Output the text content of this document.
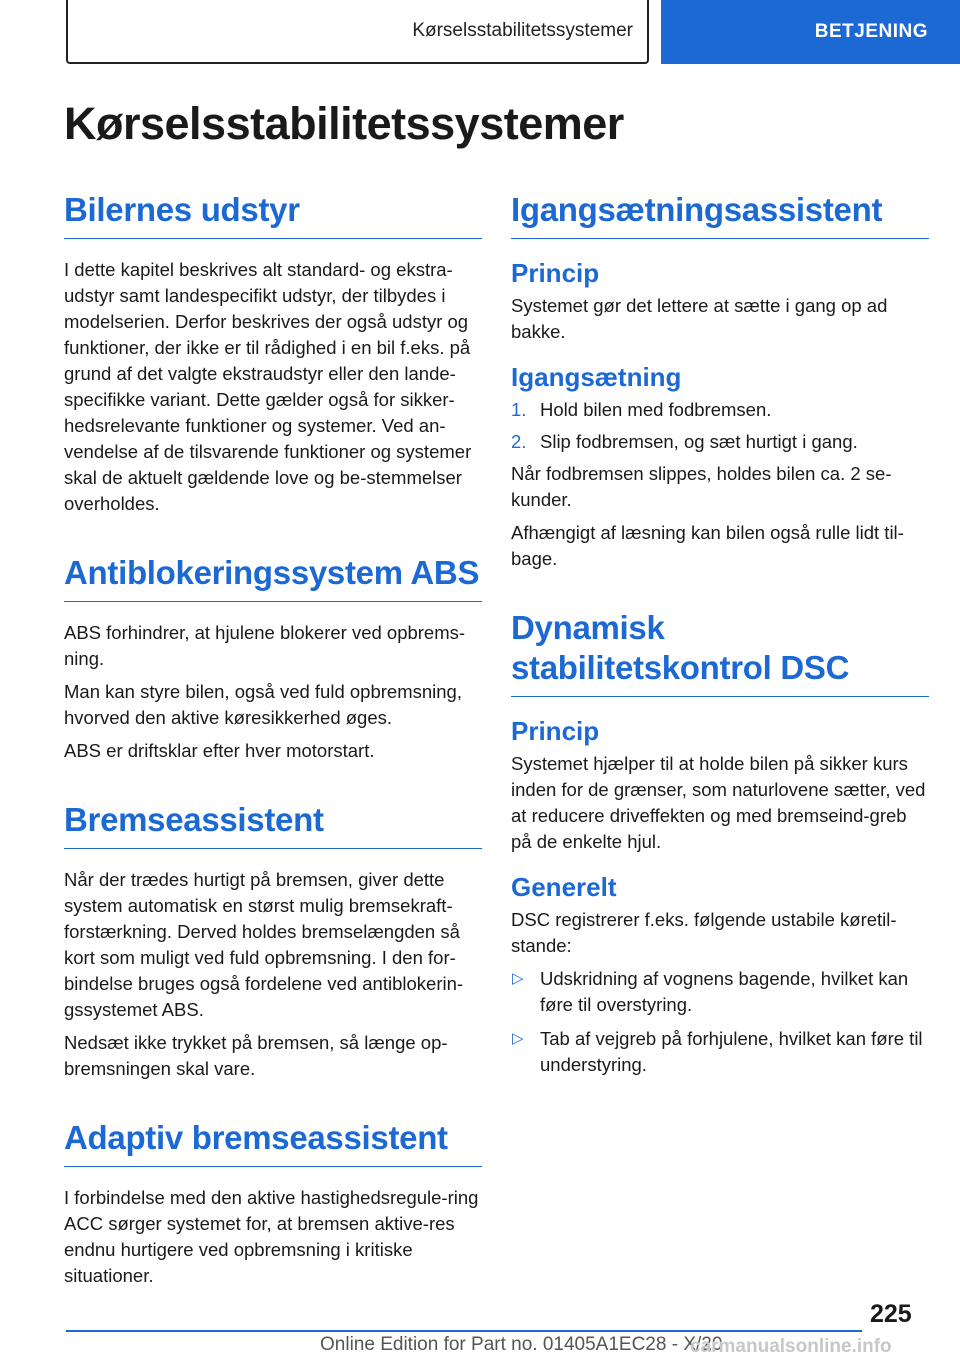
Kørselsstabilitetssystemer	BETJENING
Kørselsstabilitetssystemer
Bilernes udstyr

I dette kapitel beskrives alt standard- og ekstra-udstyr samt landespecifikt udstyr, der tilbydes i modelserien. Derfor beskrives der også udstyr og funktioner, der ikke er til rådighed i en bil f.eks. på grund af det valgte ekstraudstyr eller den lande-specifikke variant. Dette gælder også for sikker-hedsrelevante funktioner og systemer. Ved an-vendelse af de tilsvarende funktioner og systemer skal de aktuelt gældende love og be-stemmelser overholdes.

Antiblokeringssystem ABS

ABS forhindrer, at hjulene blokerer ved opbrems-ning.

Man kan styre bilen, også ved fuld opbremsning, hvorved den aktive køresikkerhed øges.

ABS er driftsklar efter hver motorstart.

Bremseassistent

Når der trædes hurtigt på bremsen, giver dette system automatisk en størst mulig bremsekraft-forstærkning. Derved holdes bremselængden så kort som muligt ved fuld opbremsning. I den for-bindelse bruges også fordelene ved antiblokerin-gssystemet ABS.

Nedsæt ikke trykket på bremsen, så længe op-bremsningen skal vare.

Adaptiv bremseassistent

I forbindelse med den aktive hastighedsregule-ring ACC sørger systemet for, at bremsen aktive-res endnu hurtigere ved opbremsning i kritiske situationer.

Igangsætningsassistent
Princip

Systemet gør det lettere at sætte i gang op ad bakke.

Igangsætning
1. Hold bilen med fodbremsen.
2. Slip fodbremsen, og sæt hurtigt i gang.

Når fodbremsen slippes, holdes bilen ca. 2 se-kunder.

Afhængigt af læsning kan bilen også rulle lidt til-bage.

Dynamisk stabilitetskontrol DSC
Princip

Systemet hjælper til at holde bilen på sikker kurs inden for de grænser, som naturlovene sætter, ved at reducere driveffekten og med bremseind-greb på de enkelte hjul.

Generelt

DSC registrerer f.eks. følgende ustabile køretil-stande:

▷ Udskridning af vognens bagende, hvilket kan føre til overstyring.
▷ Tab af vejgreb på forhjulene, hvilket kan føre til understyring.
225
Online Edition for Part no. 01405A1EC28 - X/20
carmanualsonline.info
